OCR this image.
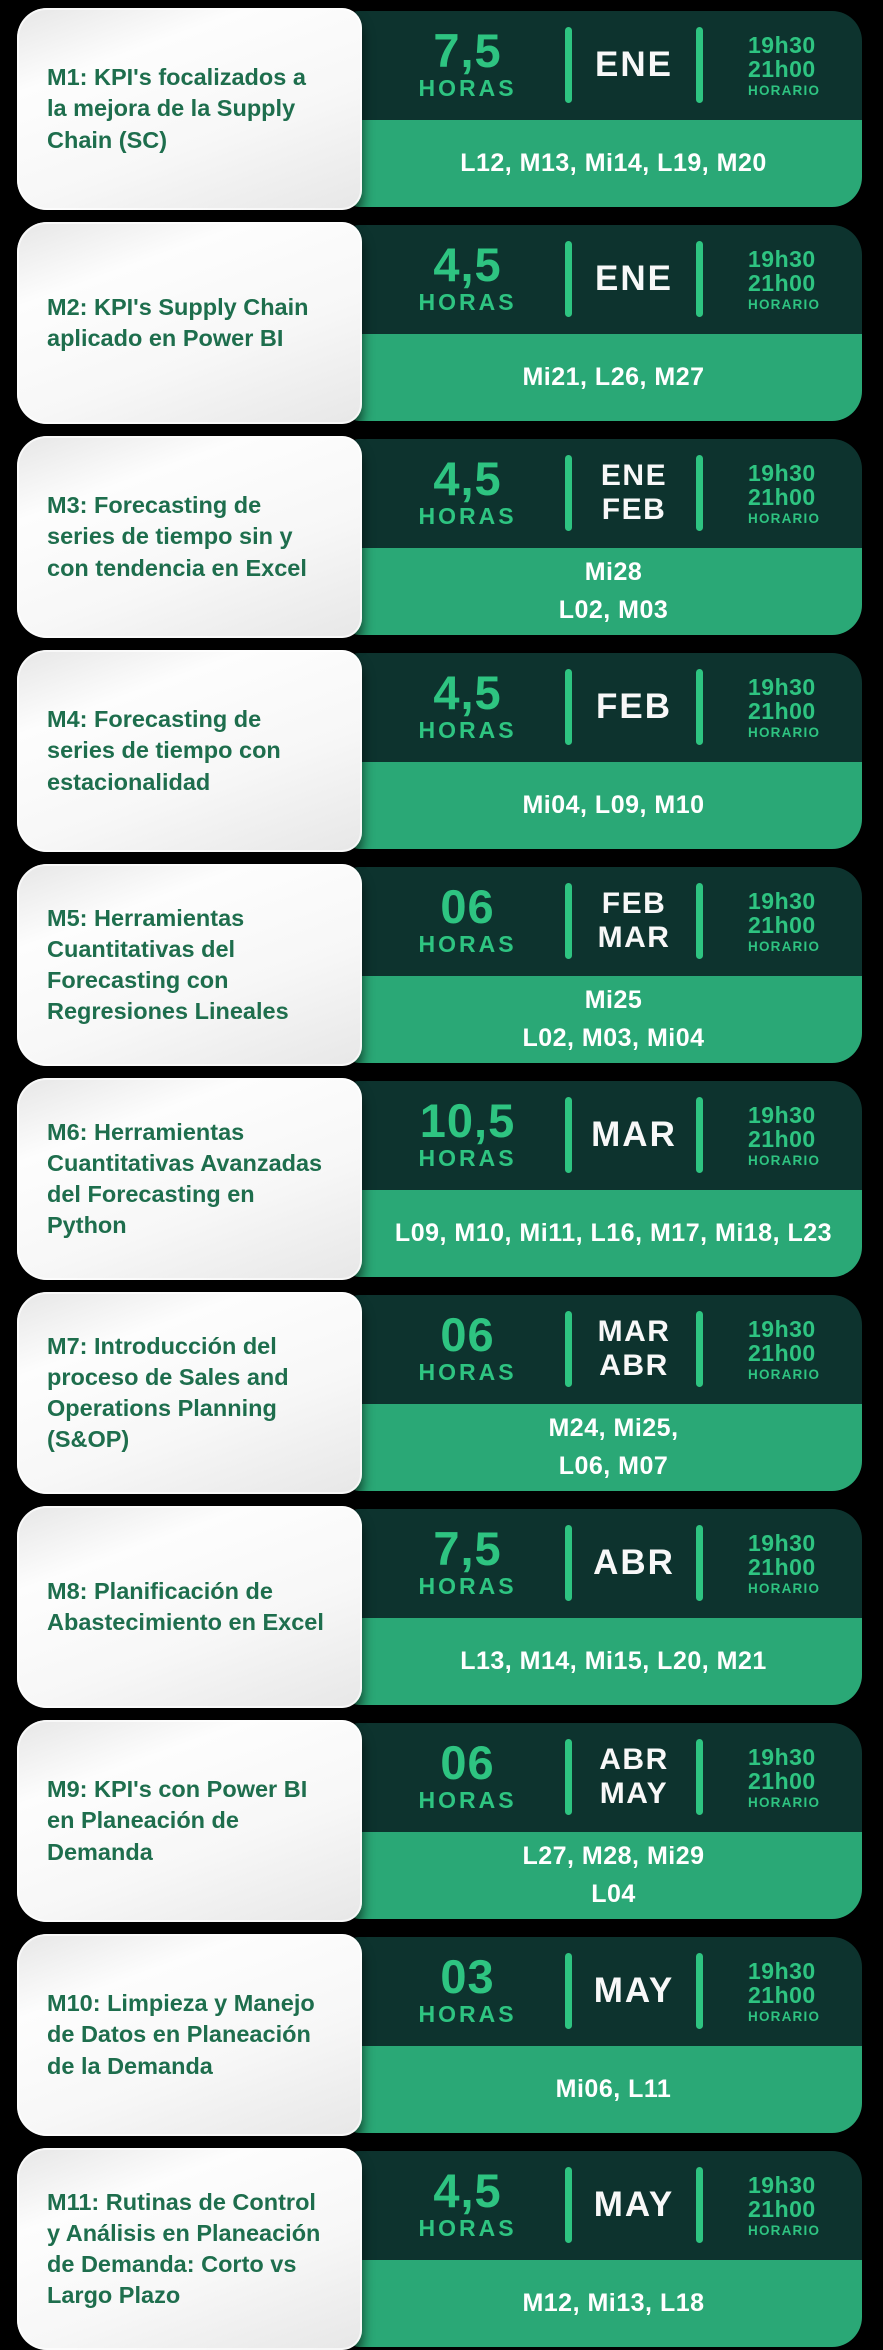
7,5
HORAS
ENE	19h30
21h00
HORARIO
L12, M13, Mi14, L19, M20
M1: KPI's focalizados a la mejora de la Supply Chain (SC)
4,5
HORAS
ENE	19h30
21h00
HORARIO
Mi21, L26, M27
M2: KPI's Supply Chain aplicado en Power BI
4,5
HORAS
ENE
FEB
19h30
21h00
HORARIO
Mi28
L02, M03
M3: Forecasting de series de tiempo sin y con tendencia en Excel
4,5
HORAS
FEB	19h30
21h00
HORARIO
Mi04, L09, M10
M4: Forecasting de series de tiempo con estacionalidad
06
HORAS
FEB
MAR
19h30
21h00
HORARIO
Mi25
L02, M03, Mi04
M5: Herramientas Cuantitativas del Forecasting con Regresiones Lineales
10,5
HORAS
MAR	19h30
21h00
HORARIO
L09, M10, Mi11, L16, M17, Mi18, L23
M6: Herramientas Cuantitativas Avanzadas del Forecasting en Python
06
HORAS
MAR
ABR
19h30
21h00
HORARIO
M24, Mi25,
L06, M07
M7: Introducción del proceso de Sales and Operations Planning (S&OP)
7,5
HORAS
ABR	19h30
21h00
HORARIO
L13, M14, Mi15, L20, M21
M8: Planificación de Abastecimiento en Excel
06
HORAS
ABR
MAY
19h30
21h00
HORARIO
L27, M28, Mi29
L04
M9: KPI's con Power BI en Planeación de Demanda
03
HORAS
MAY	19h30
21h00
HORARIO
Mi06, L11
M10: Limpieza y Manejo de Datos en Planeación de la Demanda
4,5
HORAS
MAY	19h30
21h00
HORARIO
M12, Mi13, L18
M11: Rutinas de Control y Análisis en Planeación de Demanda: Corto vs Largo Plazo
